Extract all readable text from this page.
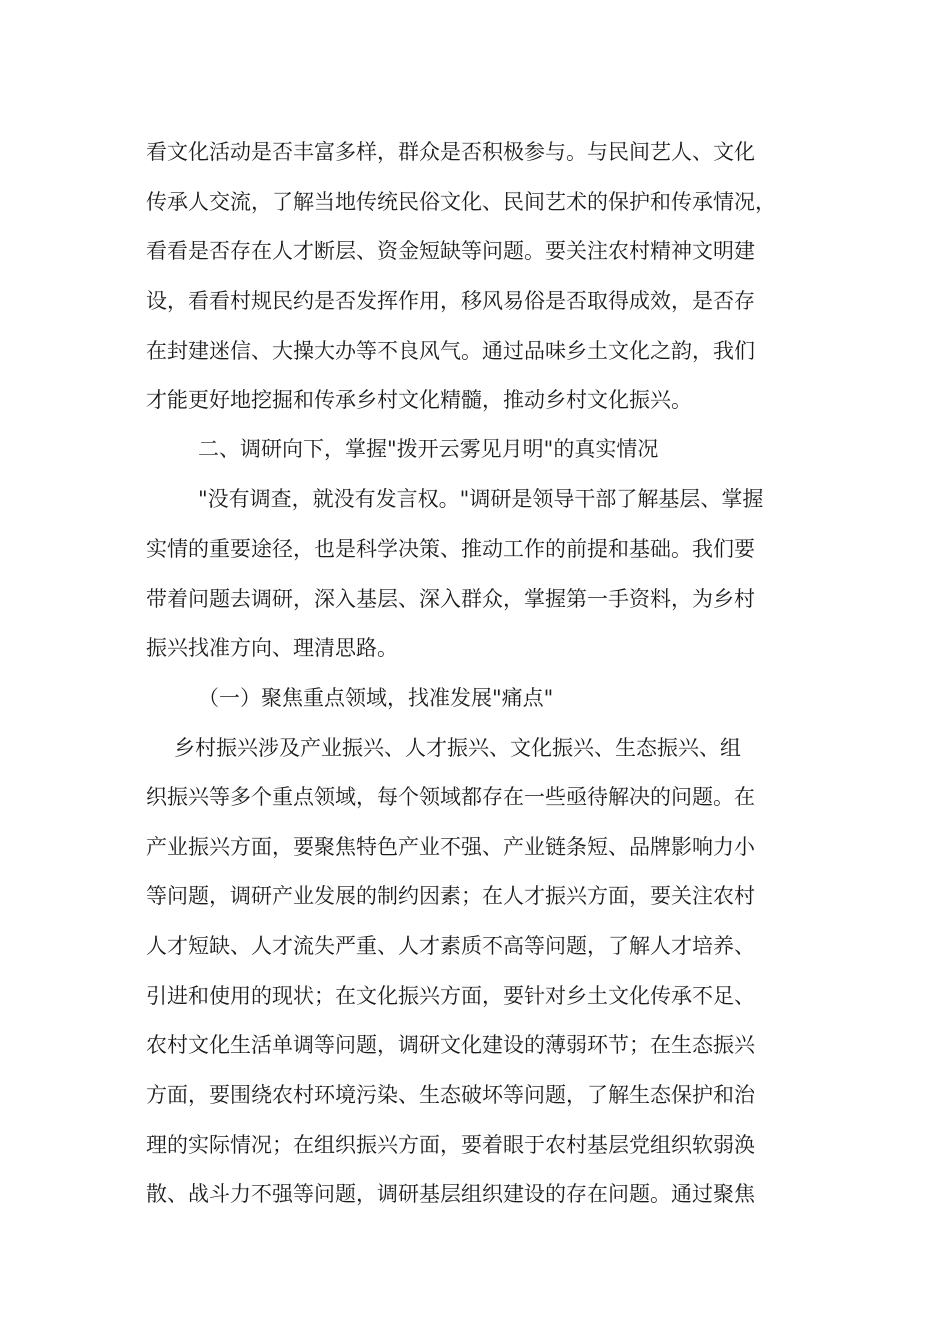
看文化活动是否丰富多样，群众是否积极参与。与民间艺人、文化
传承人交流，了解当地传统民俗文化、民间艺术的保护和传承情况，
看看是否存在人才断层、资金短缺等问题。要关注农村精神文明建
设，看看村规民约是否发挥作用，移风易俗是否取得成效，是否存
在封建迷信、大操大办等不良风气。通过品味乡土文化之韵，我们
才能更好地挖掘和传承乡村文化精髓，推动乡村文化振兴。
二、调研向下，掌握"拨开云雾见月明"的真实情况
"没有调查，就没有发言权。"调研是领导干部了解基层、掌握
实情的重要途径，也是科学决策、推动工作的前提和基础。我们要
带着问题去调研，深入基层、深入群众，掌握第一手资料，为乡村
振兴找准方向、理清思路。
（一）聚焦重点领域，找准发展"痛点"
乡村振兴涉及产业振兴、人才振兴、文化振兴、生态振兴、组
织振兴等多个重点领域，每个领域都存在一些亟待解决的问题。在
产业振兴方面，要聚焦特色产业不强、产业链条短、品牌影响力小
等问题，调研产业发展的制约因素；在人才振兴方面，要关注农村
人才短缺、人才流失严重、人才素质不高等问题，了解人才培养、
引进和使用的现状；在文化振兴方面，要针对乡土文化传承不足、
农村文化生活单调等问题，调研文化建设的薄弱环节；在生态振兴
方面，要围绕农村环境污染、生态破坏等问题，了解生态保护和治
理的实际情况；在组织振兴方面，要着眼于农村基层党组织软弱涣
散、战斗力不强等问题，调研基层组织建设的存在问题。通过聚焦
